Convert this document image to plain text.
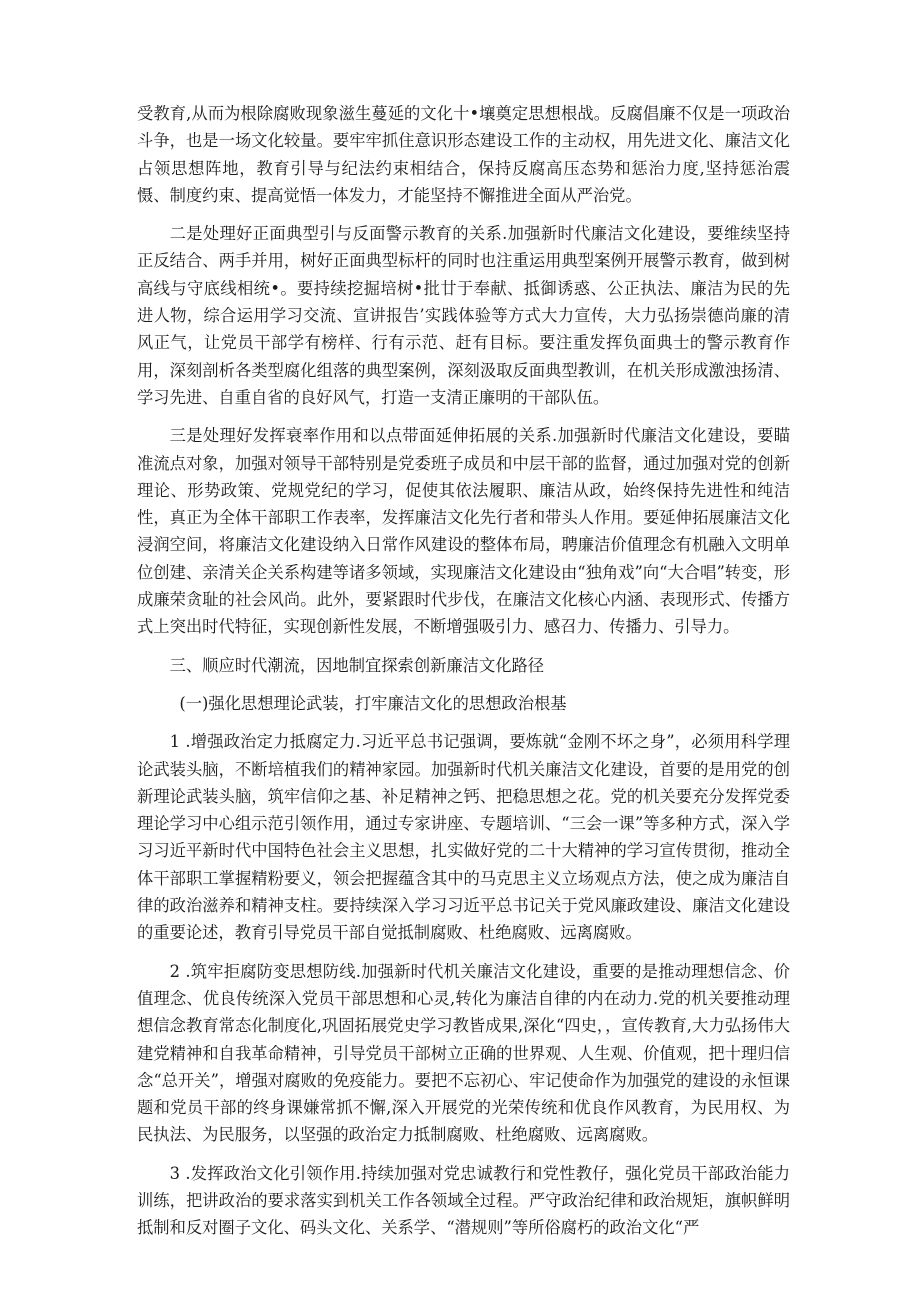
受教育,从而为根除腐败现象滋生蔓延的文化十•壤奠定思想根战。反腐倡廉不仅是一项政治斗争，也是一场文化较量。要牢牢抓住意识形态建设工作的主动权，用先进文化、廉洁文化占领思想阵地，教育引导与纪法约束相结合，保持反腐高压态势和惩治力度,坚持惩治震慑、制度约束、提高觉悟一体发力，才能坚持不懈推进全面从严治党。

二是处理好正面典型引与反面警示教育的关系.加强新时代廉洁文化建设，要维续坚持正反结合、两手并用，树好正面典型标杆的同时也注重运用典型案例开展警示教育，做到树高线与守底线相统•。要持续挖掘培树•批廿于奉献、抵御诱惑、公正执法、廉洁为民的先进人物，综合运用学习交流、宣讲报告’实践体验等方式大力宣传，大力弘扬崇德尚廉的清风正气，让党员干部学有榜样、行有示范、赶有目标。要注重发挥负面典士的警示教育作用，深刻剖析各类型腐化组落的典型案例，深刻汲取反面典型教训，在机关形成激浊扬清、学习先进、自重自省的良好风气，打造一支清正廉明的干部队伍。

三是处理好发挥衰率作用和以点带面延伸拓展的关系.加强新时代廉洁文化建设，要瞄准流点对象，加强对领导干部特别是党委班子成员和中层干部的监督，通过加强对党的创新理论、形势政策、党规党纪的学习，促使其依法履职、廉洁从政，始终保持先进性和纯洁性，真正为全体干部职工作表率，发挥廉洁文化先行者和带头人作用。要延伸拓展廉洁文化浸润空间，将廉洁文化建设纳入日常作风建设的整体布局，聘廉洁价值理念有机融入文明单位创建、亲清关企关系构建等诸多领域，实现廉洁文化建设由“独角戏”向“大合唱”转变，形成廉荣贪耻的社会风尚。此外，要紧跟时代步伐，在廉洁文化核心内涵、表现形式、传播方式上突出时代特征，实现创新性发展，不断增强吸引力、感召力、传播力、引导力。

三、顺应时代潮流，因地制宜探索创新廉洁文化路径

(一)强化思想理论武装，打牢廉洁文化的思想政治根基

1 .增强政治定力抵腐定力.习近平总书记强调，要炼就“金刚不坏之身”，必须用科学理论武装头脑，不断培植我们的精神家园。加强新时代机关廉洁文化建设，首要的是用党的创新理论武装头脑，筑牢信仰之基、补足精神之钙、把稳思想之花。党的机关要充分发挥党委理论学习中心组示范引领作用，通过专家讲座、专题培训、“三会一课”等多种方式，深入学习习近平新时代中国特色社会主义思想，扎实做好党的二十大精神的学习宣传贯彻，推动全体干部职工掌握精粉要义，领会把握蕴含其中的马克思主义立场观点方法，使之成为廉洁自律的政治滋养和精神支柱。要持续深入学习习近平总书记关于党风廉政建设、廉洁文化建设的重要论述，教育引导党员干部自觉抵制腐败、杜绝腐败、远离腐败。

2 .筑牢拒腐防变思想防线.加强新时代机关廉洁文化建设，重要的是推动理想信念、价值理念、优良传统深入党员干部思想和心灵,转化为廉洁自律的内在动力.党的机关要推动理想信念教育常态化制度化,巩固拓展党史学习教皆成果,深化“四史，，宣传教育,大力弘扬伟大建党精神和自我革命精神，引导党员干部树立正确的世界观、人生观、价值观，把十理归信念“总开关”，增强对腐败的免疫能力。要把不忘初心、牢记使命作为加强党的建设的永恒课题和党员干部的终身课嫌常抓不懈,深入开展党的光荣传统和优良作风教育，为民用权、为民执法、为民服务，以坚强的政治定力抵制腐败、杜绝腐败、远离腐败。

3 .发挥政治文化引领作用.持续加强对党忠诚教行和党性教仔，强化党员干部政治能力训练，把讲政治的要求落实到机关工作各领域全过程。严守政治纪律和政治规矩，旗帜鲜明抵制和反对圈子文化、码头文化、关系学、“潜规则”等所俗腐朽的政治文化“严
